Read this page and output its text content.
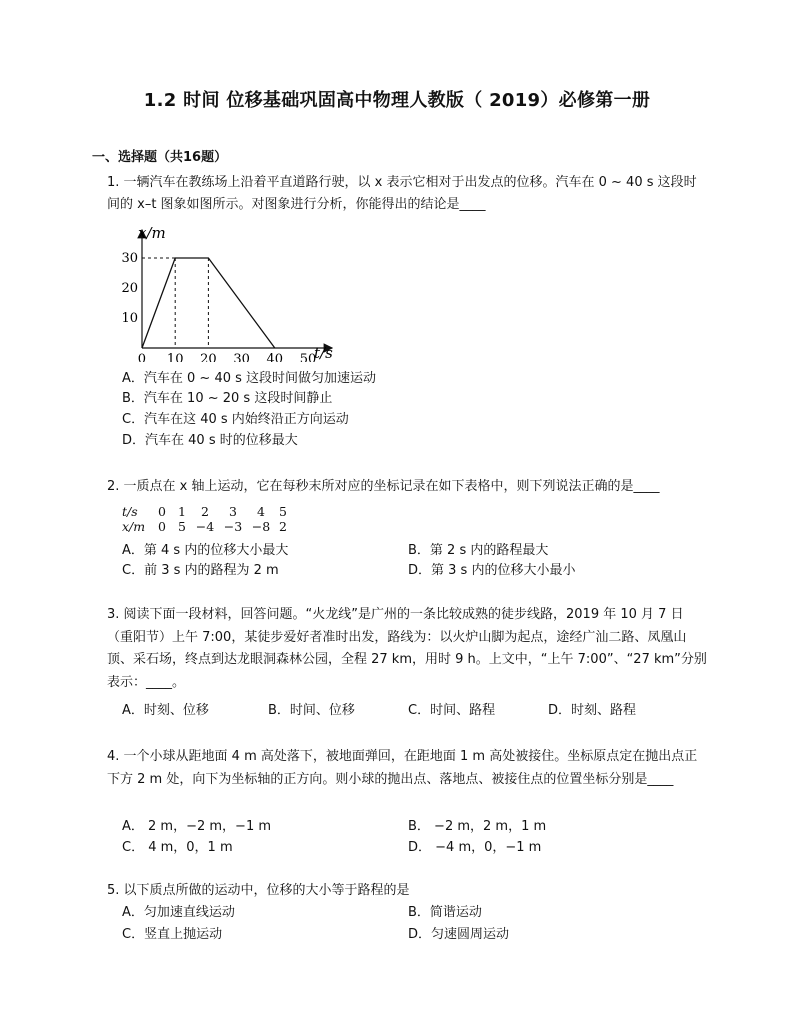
1.2 时间 位移基础巩固高中物理人教版（ 2019）必修第一册
一、选择题（共16题）
1. 一辆汽车在教练场上沿着平直道路行驶，以 x 表示它相对于出发点的位移。汽车在 0 ~ 40 s 这段时间的 x–t 图象如图所示。对图象进行分析，你能得出的结论是____
x/m
t/s
0 10 20 30 40 50
10
20
30
A．汽车在 0 ~ 40 s 这段时间做匀加速运动
B．汽车在 10 ~ 20 s 这段时间静止
C．汽车在这 40 s 内始终沿正方向运动
D．汽车在 40 s 时的位移最大
2. 一质点在 x 轴上运动，它在每秒末所对应的坐标记录在如下表格中，则下列说法正确的是____
t/s 0 1 2 3 4 5
x/m 0 5 −4 −3 −8 2
A．第 4 s 内的位移大小最大	B．第 2 s 内的路程最大
C．前 3 s 内的路程为 2 m	D．第 3 s 内的位移大小最小
3. 阅读下面一段材料，回答问题。“火龙线”是广州的一条比较成熟的徒步线路，2019 年 10 月 7 日（重阳节）上午 7:00，某徒步爱好者准时出发，路线为：以火炉山脚为起点，途经广汕二路、凤凰山顶、采石场，终点到达龙眼洞森林公园，全程 27 km，用时 9 h。上文中，“上午 7:00”、“27 km”分别表示：____。
A．时刻、位移	B．时间、位移	C．时间、路程	D．时刻、路程
4. 一个小球从距地面 4 m 高处落下，被地面弹回，在距地面 1 m 高处被接住。坐标原点定在抛出点正下方 2 m 处，向下为坐标轴的正方向。则小球的抛出点、落地点、被接住点的位置坐标分别是____
A． 2 m，−2 m，−1 m	B． −2 m，2 m，1 m
C． 4 m，0，1 m	D． −4 m，0，−1 m
5. 以下质点所做的运动中，位移的大小等于路程的是
A．匀加速直线运动	B．简谐运动
C．竖直上抛运动	D．匀速圆周运动
